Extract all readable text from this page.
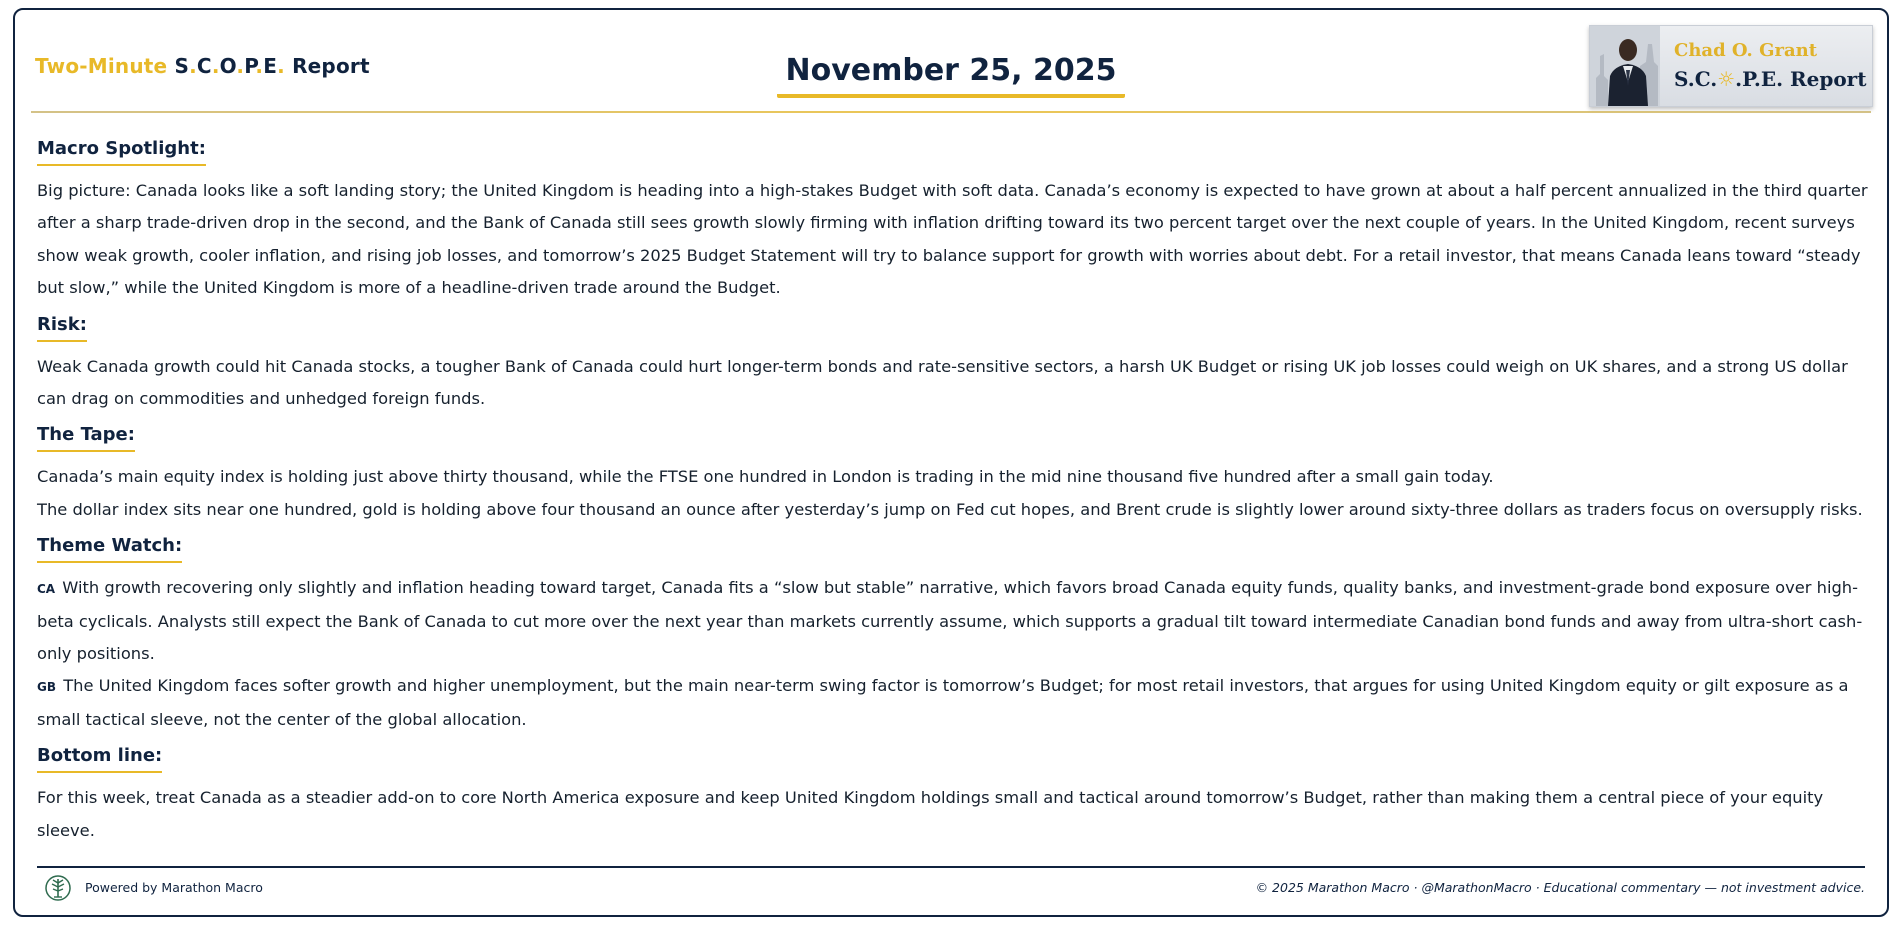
Two-Minute S.C.O.P.E. Report	November 25, 2025
Chad O. Grant
S.C.☼.P.E. Report
Macro Spotlight:

Big picture: Canada looks like a soft landing story; the United Kingdom is heading into a high-stakes Budget with soft data. Canada’s economy is expected to have grown at about a half percent annualized in the third quarter after a sharp trade-driven drop in the second, and the Bank of Canada still sees growth slowly firming with inflation drifting toward its two percent target over the next couple of years. In the United Kingdom, recent surveys show weak growth, cooler inflation, and rising job losses, and tomorrow’s 2025 Budget Statement will try to balance support for growth with worries about debt. For a retail investor, that means Canada leans toward “steady but slow,” while the United Kingdom is more of a headline-driven trade around the Budget.

Risk:

Weak Canada growth could hit Canada stocks, a tougher Bank of Canada could hurt longer-term bonds and rate-sensitive sectors, a harsh UK Budget or rising UK job losses could weigh on UK shares, and a strong US dollar can drag on commodities and unhedged foreign funds.

The Tape:

Canada’s main equity index is holding just above thirty thousand, while the FTSE one hundred in London is trading in the mid nine thousand five hundred after a small gain today.

The dollar index sits near one hundred, gold is holding above four thousand an ounce after yesterday’s jump on Fed cut hopes, and Brent crude is slightly lower around sixty-three dollars as traders focus on oversupply risks.

Theme Watch:

CA With growth recovering only slightly and inflation heading toward target, Canada fits a “slow but stable” narrative, which favors broad Canada equity funds, quality banks, and investment-grade bond exposure over high-beta cyclicals. Analysts still expect the Bank of Canada to cut more over the next year than markets currently assume, which supports a gradual tilt toward intermediate Canadian bond funds and away from ultra-short cash-only positions.

GB The United Kingdom faces softer growth and higher unemployment, but the main near-term swing factor is tomorrow’s Budget; for most retail investors, that argues for using United Kingdom equity or gilt exposure as a small tactical sleeve, not the center of the global allocation.

Bottom line:

For this week, treat Canada as a steadier add-on to core North America exposure and keep United Kingdom holdings small and tactical around tomorrow’s Budget, rather than making them a central piece of your equity sleeve.

Powered by Marathon Macro	© 2025 Marathon Macro · @MarathonMacro · Educational commentary — not investment advice.
